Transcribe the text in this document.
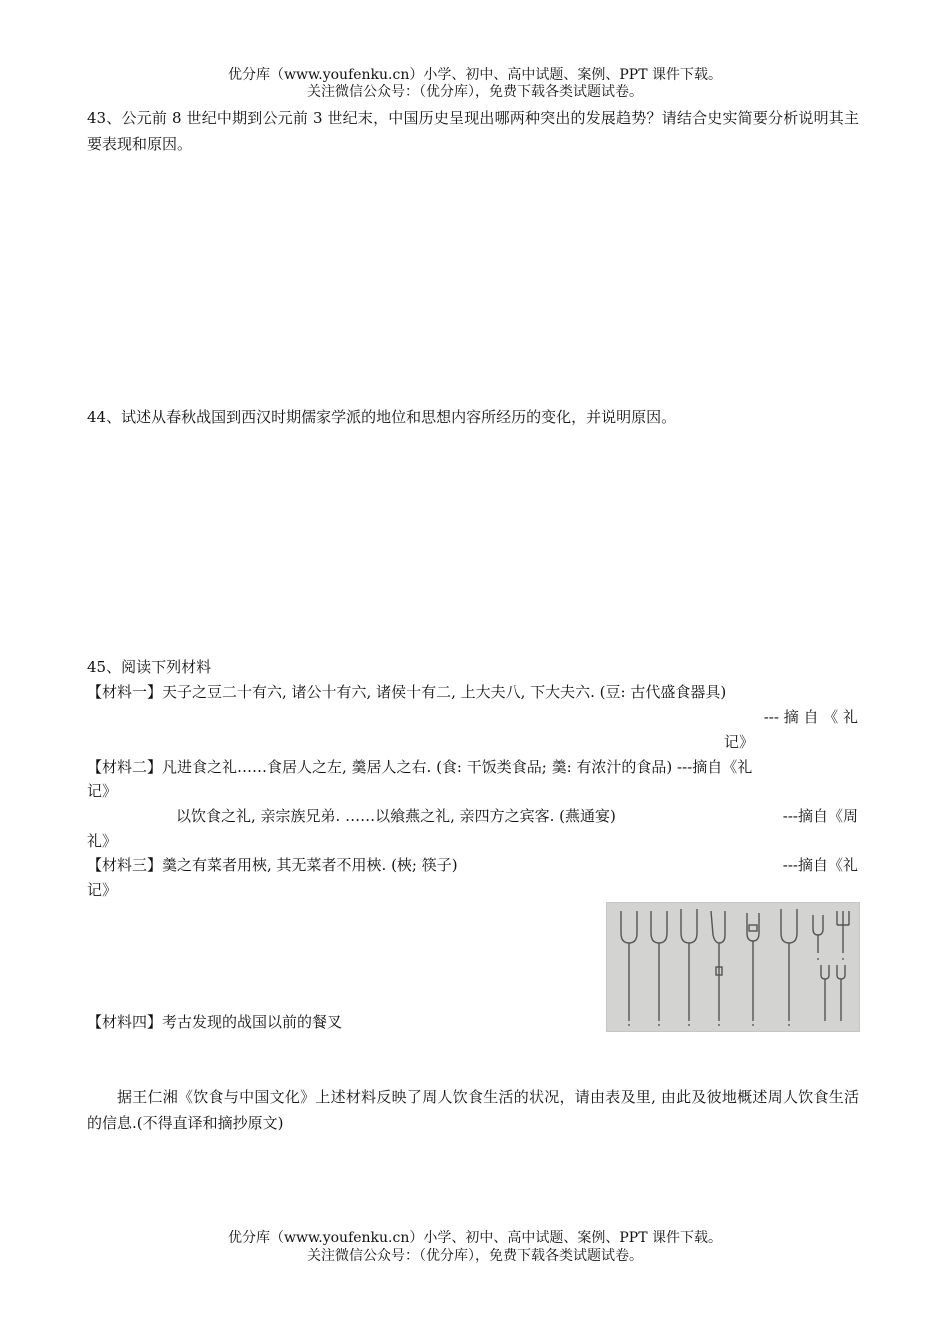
优分库（www.youfenku.cn）小学、初中、高中试题、案例、PPT 课件下载。
关注微信公众号：（优分库），免费下载各类试题试卷。
43、公元前 8 世纪中期到公元前 3 世纪末，中国历史呈现出哪两种突出的发展趋势？请结合史实简要分析说明其主要表现和原因。
44、试述从春秋战国到西汉时期儒家学派的地位和思想内容所经历的变化，并说明原因。
45、阅读下列材料
【材料一】天子之豆二十有六, 诸公十有六, 诸侯十有二, 上大夫八, 下大夫六. (豆: 古代盛食器具)
--- 摘 自 《 礼
记》
【材料二】凡进食之礼……食居人之左, 羹居人之右. (食: 干饭类食品; 羹: 有浓汁的食品) ---摘自《礼
记》
以饮食之礼, 亲宗族兄弟. ……以飨燕之礼, 亲四方之宾客. (燕通宴)	---摘自《周
礼》
【材料三】羹之有菜者用梜, 其无菜者不用梜. (梜; 筷子)	---摘自《礼
记》
【材料四】考古发现的战国以前的餐叉
据王仁湘《饮食与中国文化》上述材料反映了周人饮食生活的状况，请由表及里, 由此及彼地概述周人饮食生活的信息.(不得直译和摘抄原文)
优分库（www.youfenku.cn）小学、初中、高中试题、案例、PPT 课件下载。
关注微信公众号：（优分库），免费下载各类试题试卷。
